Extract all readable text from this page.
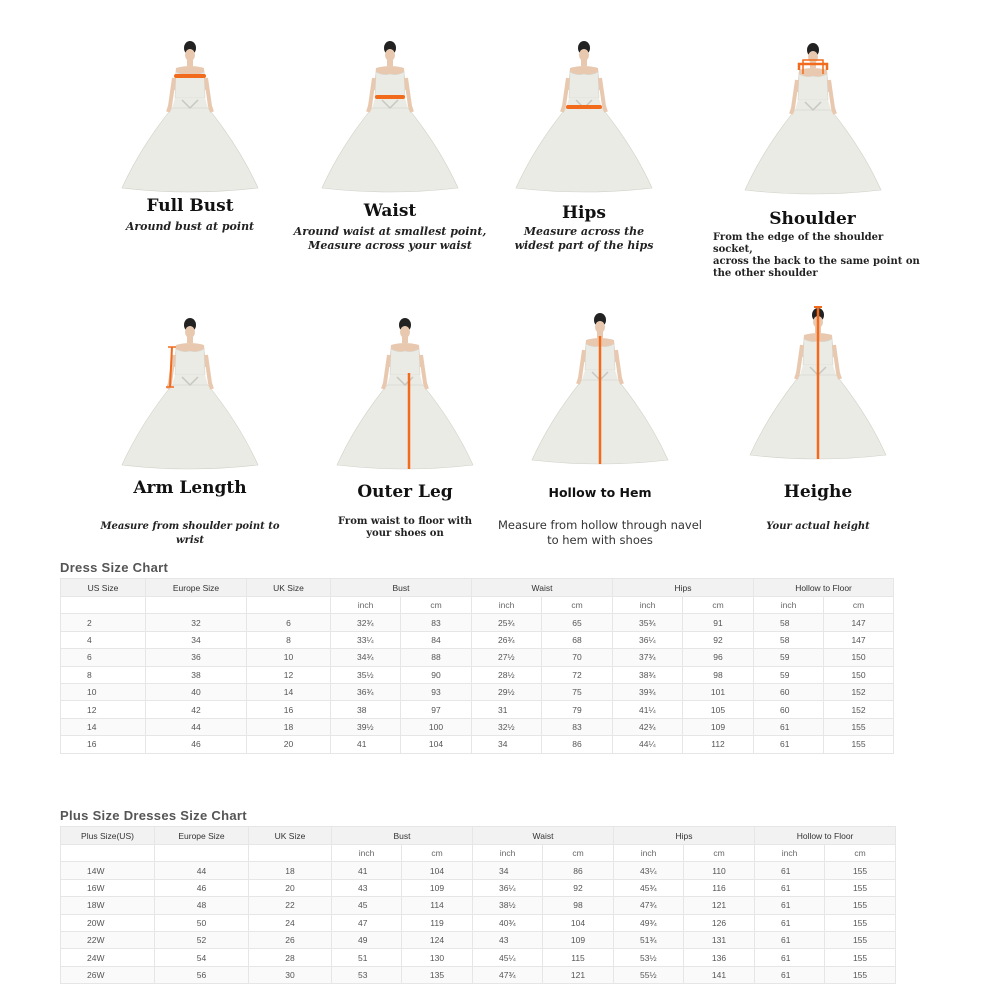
Full Bust
Around bust at point
Waist
Around waist at smallest point,
Measure across your waist
Hips
Measure across the
widest part of the hips
Shoulder
From the edge of the shoulder socket,
across the back to the same point on
the other shoulder
Arm Length
Measure from shoulder point to wrist
Outer Leg
From waist to floor with
your shoes on
Hollow to Hem
Measure from hollow through navel
to hem with shoes
Heighe
Your actual height
Dress Size Chart
US Size	Europe Size	UK Size	Bust		Waist		Hips		Hollow to Floor	
			inch	cm	inch	cm	inch	cm	inch	cm
2	32	6	32¾	83	25¾	65	35¾	91	58	147
4	34	8	33¼	84	26¾	68	36¼	92	58	147
6	36	10	34¾	88	27½	70	37¾	96	59	150
8	38	12	35½	90	28½	72	38¾	98	59	150
10	40	14	36¾	93	29½	75	39¾	101	60	152
12	42	16	38	97	31	79	41¼	105	60	152
14	44	18	39½	100	32½	83	42¾	109	61	155
16	46	20	41	104	34	86	44¼	112	61	155
Plus Size Dresses Size Chart
Plus Size(US)	Europe Size	UK Size	Bust		Waist		Hips		Hollow to Floor	
			inch	cm	inch	cm	inch	cm	inch	cm
14W	44	18	41	104	34	86	43¼	110	61	155
16W	46	20	43	109	36¼	92	45¾	116	61	155
18W	48	22	45	114	38½	98	47¾	121	61	155
20W	50	24	47	119	40¾	104	49¾	126	61	155
22W	52	26	49	124	43	109	51¾	131	61	155
24W	54	28	51	130	45¼	115	53½	136	61	155
26W	56	30	53	135	47¾	121	55½	141	61	155
